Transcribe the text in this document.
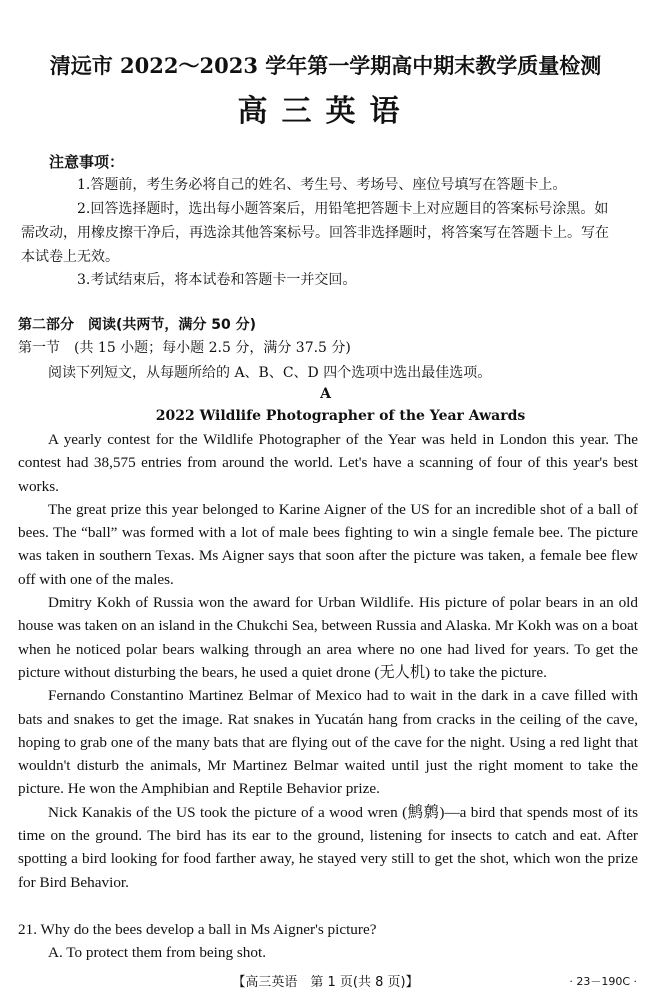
清远市 2022～2023 学年第一学期高中期末教学质量检测
高三英语
注意事项：
1.答题前，考生务必将自己的姓名、考生号、考场号、座位号填写在答题卡上。
2.回答选择题时，选出每小题答案后，用铅笔把答题卡上对应题目的答案标号涂黑。如需改动，用橡皮擦干净后，再选涂其他答案标号。回答非选择题时，将答案写在答题卡上。写在本试卷上无效。
3.考试结束后，将本试卷和答题卡一并交回。
第二部分　阅读(共两节，满分 50 分)
第一节　(共 15 小题；每小题 2.5 分，满分 37.5 分)
阅读下列短文，从每题所给的 A、B、C、D 四个选项中选出最佳选项。
A
2022 Wildlife Photographer of the Year Awards

A yearly contest for the Wildlife Photographer of the Year was held in London this year. The contest had 38,575 entries from around the world. Let's have a scanning of four of this year's best works.

The great prize this year belonged to Karine Aigner of the US for an incredible shot of a ball of bees. The “ball” was formed with a lot of male bees fighting to win a single female bee. The picture was taken in southern Texas. Ms Aigner says that soon after the picture was taken, a female bee flew off with one of the males.

Dmitry Kokh of Russia won the award for Urban Wildlife. His picture of polar bears in an old house was taken on an island in the Chukchi Sea, between Russia and Alaska. Mr Kokh was on a boat when he noticed polar bears walking through an area where no one had lived for years. To get the picture without disturbing the bears, he used a quiet drone (无人机) to take the picture.

Fernando Constantino Martinez Belmar of Mexico had to wait in the dark in a cave filled with bats and snakes to get the image. Rat snakes in Yucatán hang from cracks in the ceiling of the cave, hoping to grab one of the many bats that are flying out of the cave for the night. Using a red light that wouldn't disturb the animals, Mr Martinez Belmar waited until just the right moment to take the picture. He won the Amphibian and Reptile Behavior prize.

Nick Kanakis of the US took the picture of a wood wren (鹪鹩)—a bird that spends most of its time on the ground. The bird has its ear to the ground, listening for insects to catch and eat. After spotting a bird looking for food farther away, he stayed very still to get the shot, which won the prize for Bird Behavior.

21. Why do the bees develop a ball in Ms Aigner's picture?
A. To protect them from being shot.
【高三英语　第 1 页(共 8 页)】	· 23－190C ·
